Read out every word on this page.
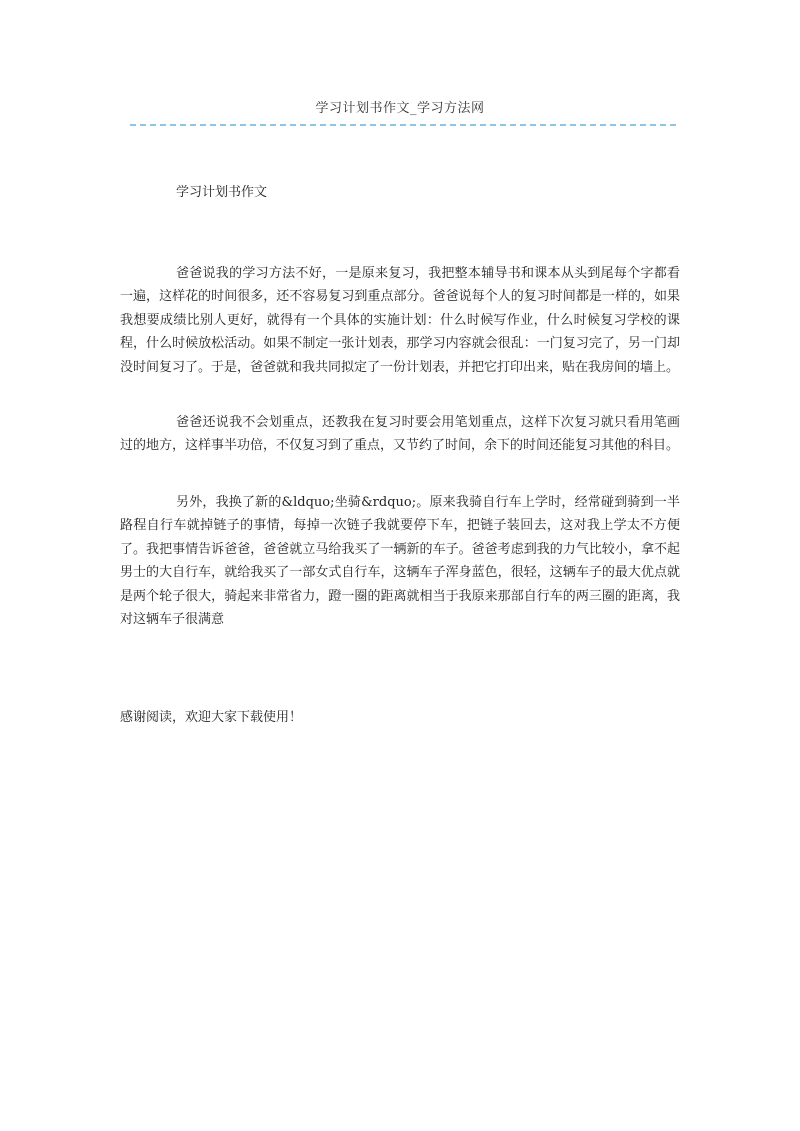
学习计划书作文_学习方法网
学习计划书作文

爸爸说我的学习方法不好，一是原来复习，我把整本辅导书和课本从头到尾每个字都看一遍，这样花的时间很多，还不容易复习到重点部分。爸爸说每个人的复习时间都是一样的，如果我想要成绩比别人更好，就得有一个具体的实施计划：什么时候写作业，什么时候复习学校的课程，什么时候放松活动。如果不制定一张计划表，那学习内容就会很乱：一门复习完了，另一门却没时间复习了。于是，爸爸就和我共同拟定了一份计划表，并把它打印出来，贴在我房间的墙上。

爸爸还说我不会划重点，还教我在复习时要会用笔划重点，这样下次复习就只看用笔画过的地方，这样事半功倍，不仅复习到了重点，又节约了时间，余下的时间还能复习其他的科目。

另外，我换了新的&ldquo;坐骑&rdquo;。原来我骑自行车上学时，经常碰到骑到一半路程自行车就掉链子的事情，每掉一次链子我就要停下车，把链子装回去，这对我上学太不方便了。我把事情告诉爸爸，爸爸就立马给我买了一辆新的车子。爸爸考虑到我的力气比较小，拿不起男士的大自行车，就给我买了一部女式自行车，这辆车子浑身蓝色，很轻，这辆车子的最大优点就是两个轮子很大，骑起来非常省力，蹬一圈的距离就相当于我原来那部自行车的两三圈的距离，我对这辆车子很满意

感谢阅读，欢迎大家下载使用！
